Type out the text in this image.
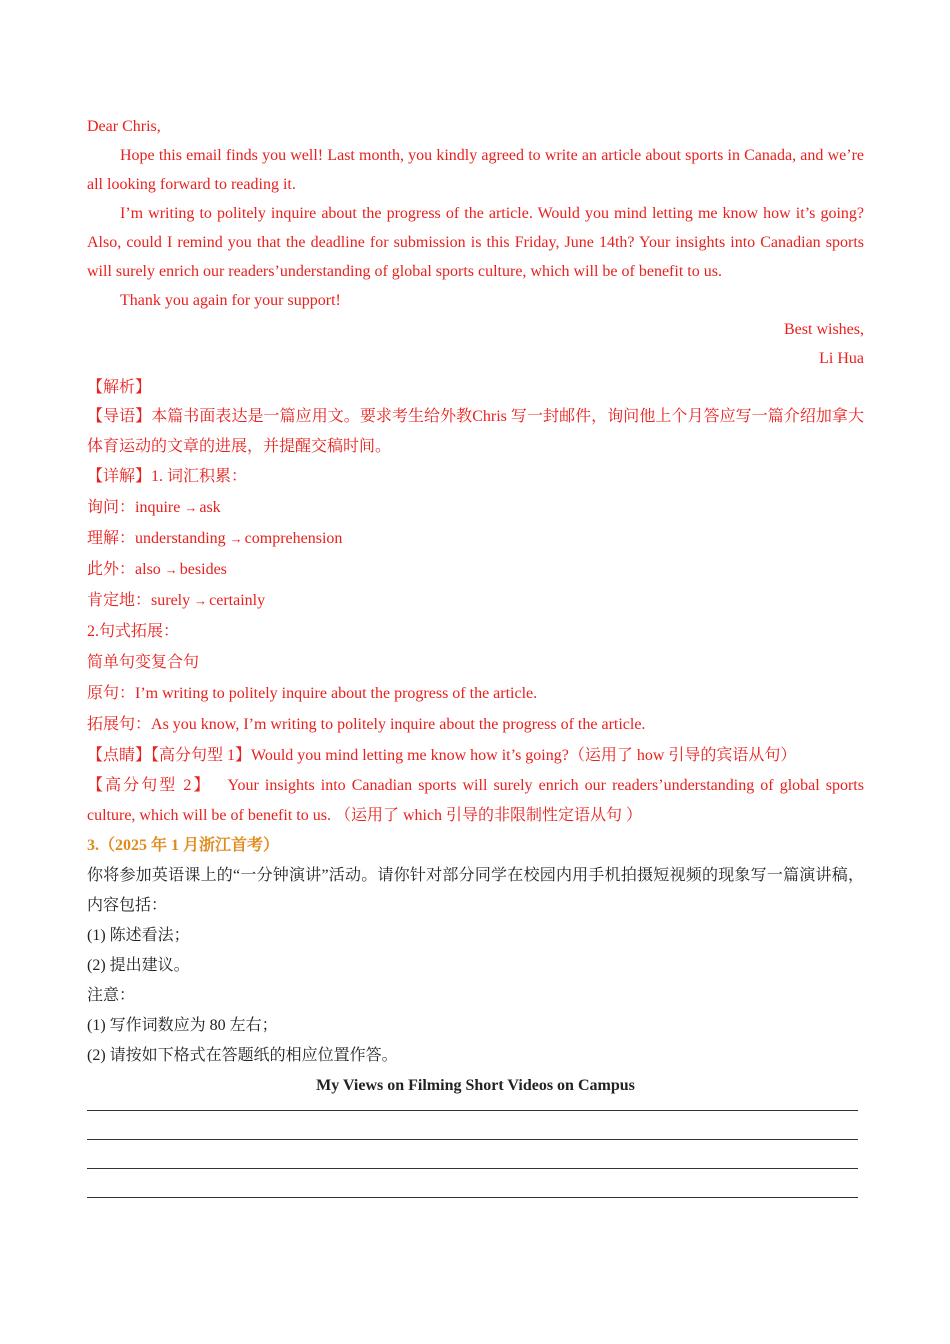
Dear Chris,
Hope this email finds you well! Last month, you kindly agreed to write an article about sports in Canada, and we’re all looking forward to reading it.
I’m writing to politely inquire about the progress of the article. Would you mind letting me know how it’s going? Also, could I remind you that the deadline for submission is this Friday, June 14th? Your insights into Canadian sports will surely enrich our readers’understanding of global sports culture, which will be of benefit to us.
Thank you again for your support!
Best wishes,
Li Hua
【解析】
【导语】本篇书面表达是一篇应用文。要求考生给外教Chris 写一封邮件，询问他上个月答应写一篇介绍加拿大体育运动的文章的进展，并提醒交稿时间。
【详解】1. 词汇积累：
询问：inquire → ask
理解：understanding → comprehension
此外：also → besides
肯定地：surely → certainly
2.句式拓展：
简单句变复合句
原句：I’m writing to politely inquire about the progress of the article.
拓展句：As you know, I’m writing to politely inquire about the progress of the article.
【点睛】【高分句型 1】Would you mind letting me know how it’s going?（运用了 how 引导的宾语从句）
【高分句型 2】 Your insights into Canadian sports will surely enrich our readers’understanding of global sports culture, which will be of benefit to us. （运用了 which 引导的非限制性定语从句 ）
3.（2025 年 1 月浙江首考）
你将参加英语课上的“一分钟演讲”活动。请你针对部分同学在校园内用手机拍摄短视频的现象写一篇演讲稿，内容包括：
(1) 陈述看法；
(2) 提出建议。
注意：
(1) 写作词数应为 80 左右；
(2) 请按如下格式在答题纸的相应位置作答。
My Views on Filming Short Videos on Campus
